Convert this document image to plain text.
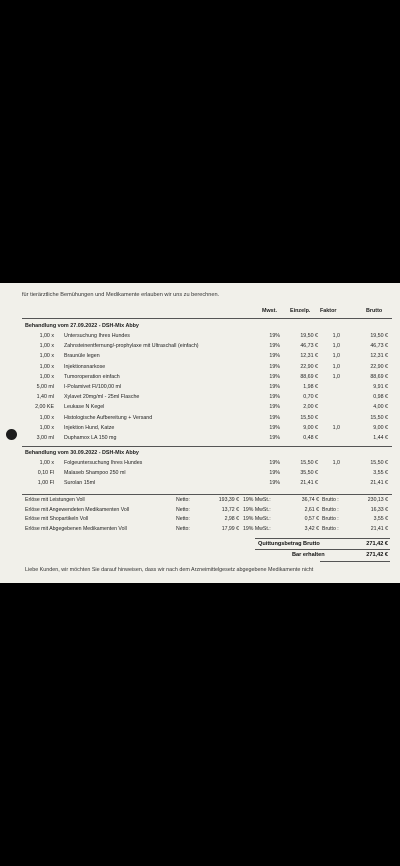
für tierärztliche Bemühungen und Medikamente erlauben wir uns zu berechnen.
Mwst. Einzelp. Faktor	Brutto
Behandlung vom 27.09.2022 - DSH-Mix Abby
1,00 x Untersuchung Ihres Hundes	19%	19,50 €	1,0	19,50 €
1,00 x Zahnsteinentfernung/-prophylaxe mit Ultraschall (einfach)	19%	46,73 €	1,0	46,73 €
1,00 x Braunüle legen	19%	12,31 €	1,0	12,31 €
1,00 x Injektionsnarkose	19%	22,90 €	1,0	22,90 €
1,00 x Tumoroperation einfach	19%	88,69 €	1,0	88,69 €
5,00 ml I-Polamivet Fl/100,00 ml	19%	1,98 €	9,91 €
1,40 ml Xylavet 20mg/ml - 25ml Flasche	19%	0,70 €	0,98 €
2,00 KE Leukase N Kegel	19%	2,00 €	4,00 €
1,00 x Histologische Aufbereitung + Versand	19%	15,50 €	15,50 €
1,00 x Injektion Hund, Katze	19%	9,00 €	1,0	9,00 €
3,00 ml Duphamox LA 150 mg	19%	0,48 €	1,44 €
Behandlung vom 30.09.2022 - DSH-Mix Abby
1,00 x Folgeuntersuchung Ihres Hundes	19%	15,50 €	1,0	15,50 €
0,10 Fl Malaseb Shampoo 250 ml	19%	35,50 €	3,55 €
1,00 Fl Surolan 15ml	19%	21,41 €	21,41 €
Erlöse mit Leistungen Voll	Netto:	193,39 € 19% MwSt.:	36,74 € Brutto :	230,13 €
Erlöse mit Angewendeten Medikamenten Voll	Netto:	13,72 € 19% MwSt.:	2,61 € Brutto :	16,33 €
Erlöse mit Shopartikeln Voll	Netto:	2,98 € 19% MwSt.:	0,57 € Brutto :	3,55 €
Erlöse mit Abgegebenen Medikamenten Voll	Netto:	17,99 € 19% MwSt.:	3,42 € Brutto :	21,41 €
Quittungsbetrag Brutto	271,42 €
Bar erhalten	271,42 €
Liebe Kunden, wir möchten Sie darauf hinweisen, dass wir nach dem Arzneimittelgesetz abgegebene Medikamente nicht
